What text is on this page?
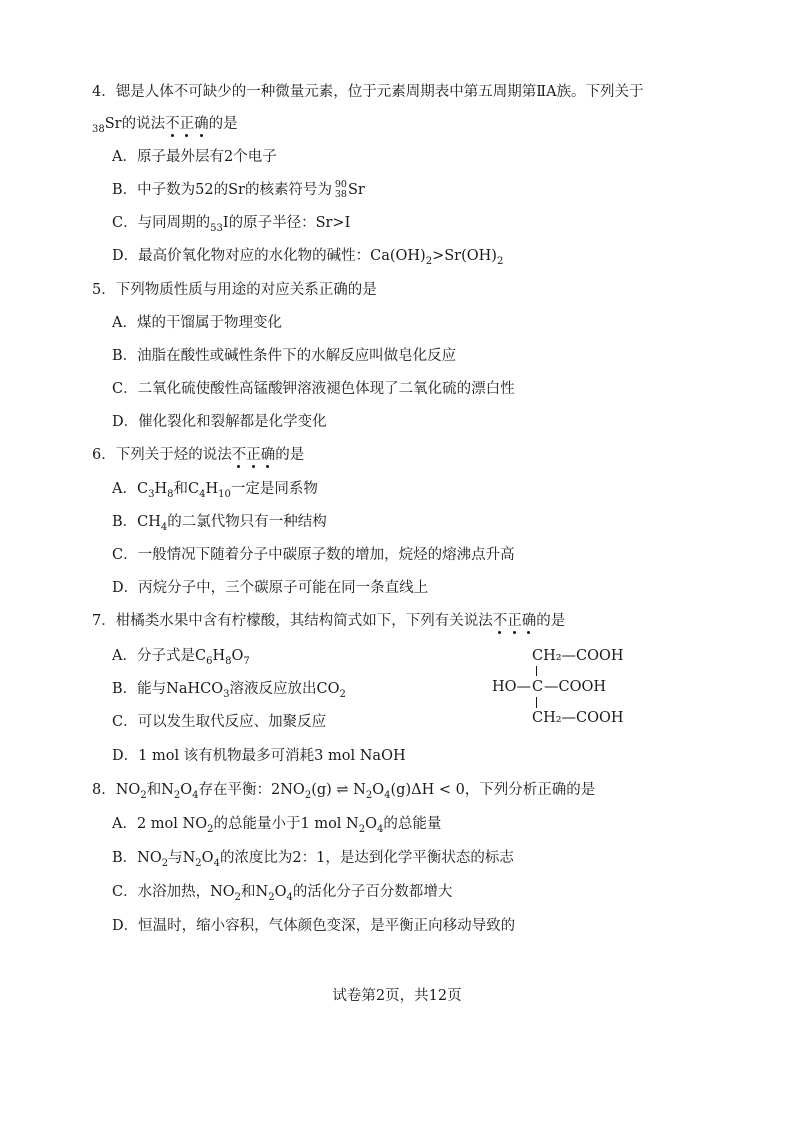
4．锶是人体不可缺少的一种微量元素，位于元素周期表中第五周期第ⅡA族。下列关于
$_{38}$Sr的说法不正确的是
A．原子最外层有2个电子
B．中子数为52的Sr的核素符号为 90
38 Sr
C．与同周期的$_{53}$I的原子半径：Sr>I
D．最高价氧化物对应的水化物的碱性：$Ca(OH)_2>Sr(OH)_2$
5．下列物质性质与用途的对应关系正确的是
A．煤的干馏属于物理变化
B．油脂在酸性或碱性条件下的水解反应叫做皂化反应
C．二氧化硫使酸性高锰酸钾溶液褪色体现了二氧化硫的漂白性
D．催化裂化和裂解都是化学变化
6．下列关于烃的说法不正确的是
A．$C_3H_8$和$C_4H_{10}$一定是同系物
B．$CH_4$的二氯代物只有一种结构
C．一般情况下随着分子中碳原子数的增加，烷烃的熔沸点升高
D．丙烷分子中，三个碳原子可能在同一条直线上
7．柑橘类水果中含有柠檬酸，其结构简式如下，下列有关说法不正确的是
A．分子式是$C_6H_8O_7$
B．能与NaHCO$_3$溶液反应放出$CO_2$
C．可以发生取代反应、加聚反应
D．1 mol 该有机物最多可消耗3 mol NaOH
CH₂—COOH
HO— C —COOH
CH₂—COOH
8．$NO_2$和$N_2O_4$存在平衡：$2NO_2(g)$ ⇌ $N_2O_4(g)\Delta H < 0$，下列分析正确的是
A．2 mol $NO_2$的总能量小于1 mol $N_2O_4$的总能量
B．$NO_2$与$N_2O_4$的浓度比为2：1，是达到化学平衡状态的标志
C．水浴加热，$NO_2$和$N_2O_4$的活化分子百分数都增大
D．恒温时，缩小容积，气体颜色变深，是平衡正向移动导致的
试卷第2页，共12页
